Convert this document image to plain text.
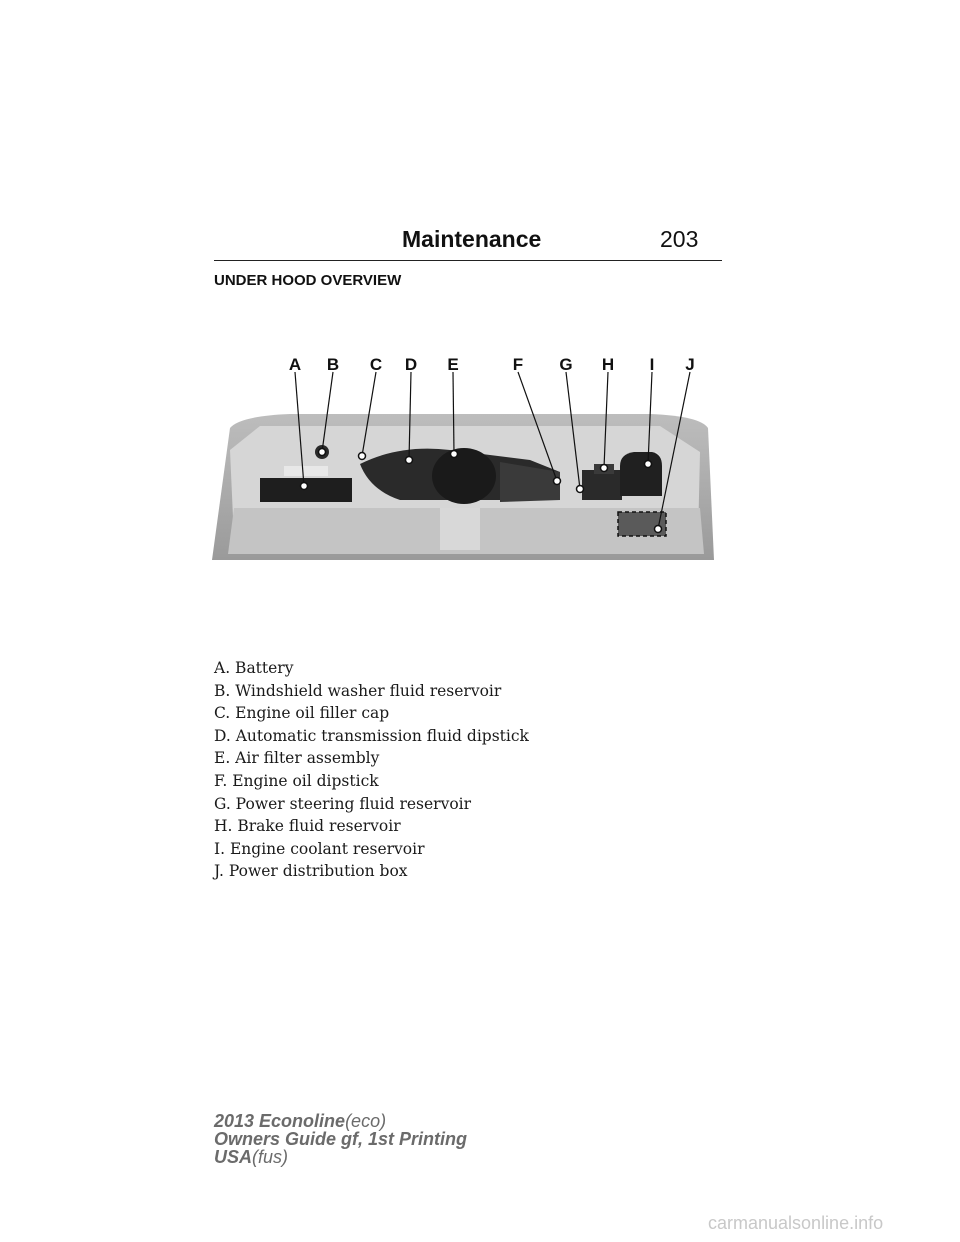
Maintenance	203
UNDER HOOD OVERVIEW
A B C D E	F G H I J
A. Battery
B. Windshield washer fluid reservoir
C. Engine oil filler cap
D. Automatic transmission fluid dipstick
E. Air filter assembly
F. Engine oil dipstick
G. Power steering fluid reservoir
H. Brake fluid reservoir
I. Engine coolant reservoir
J. Power distribution box
2013 Econoline(eco)
Owners Guide gf, 1st Printing
USA(fus)
carmanualsonline.info
